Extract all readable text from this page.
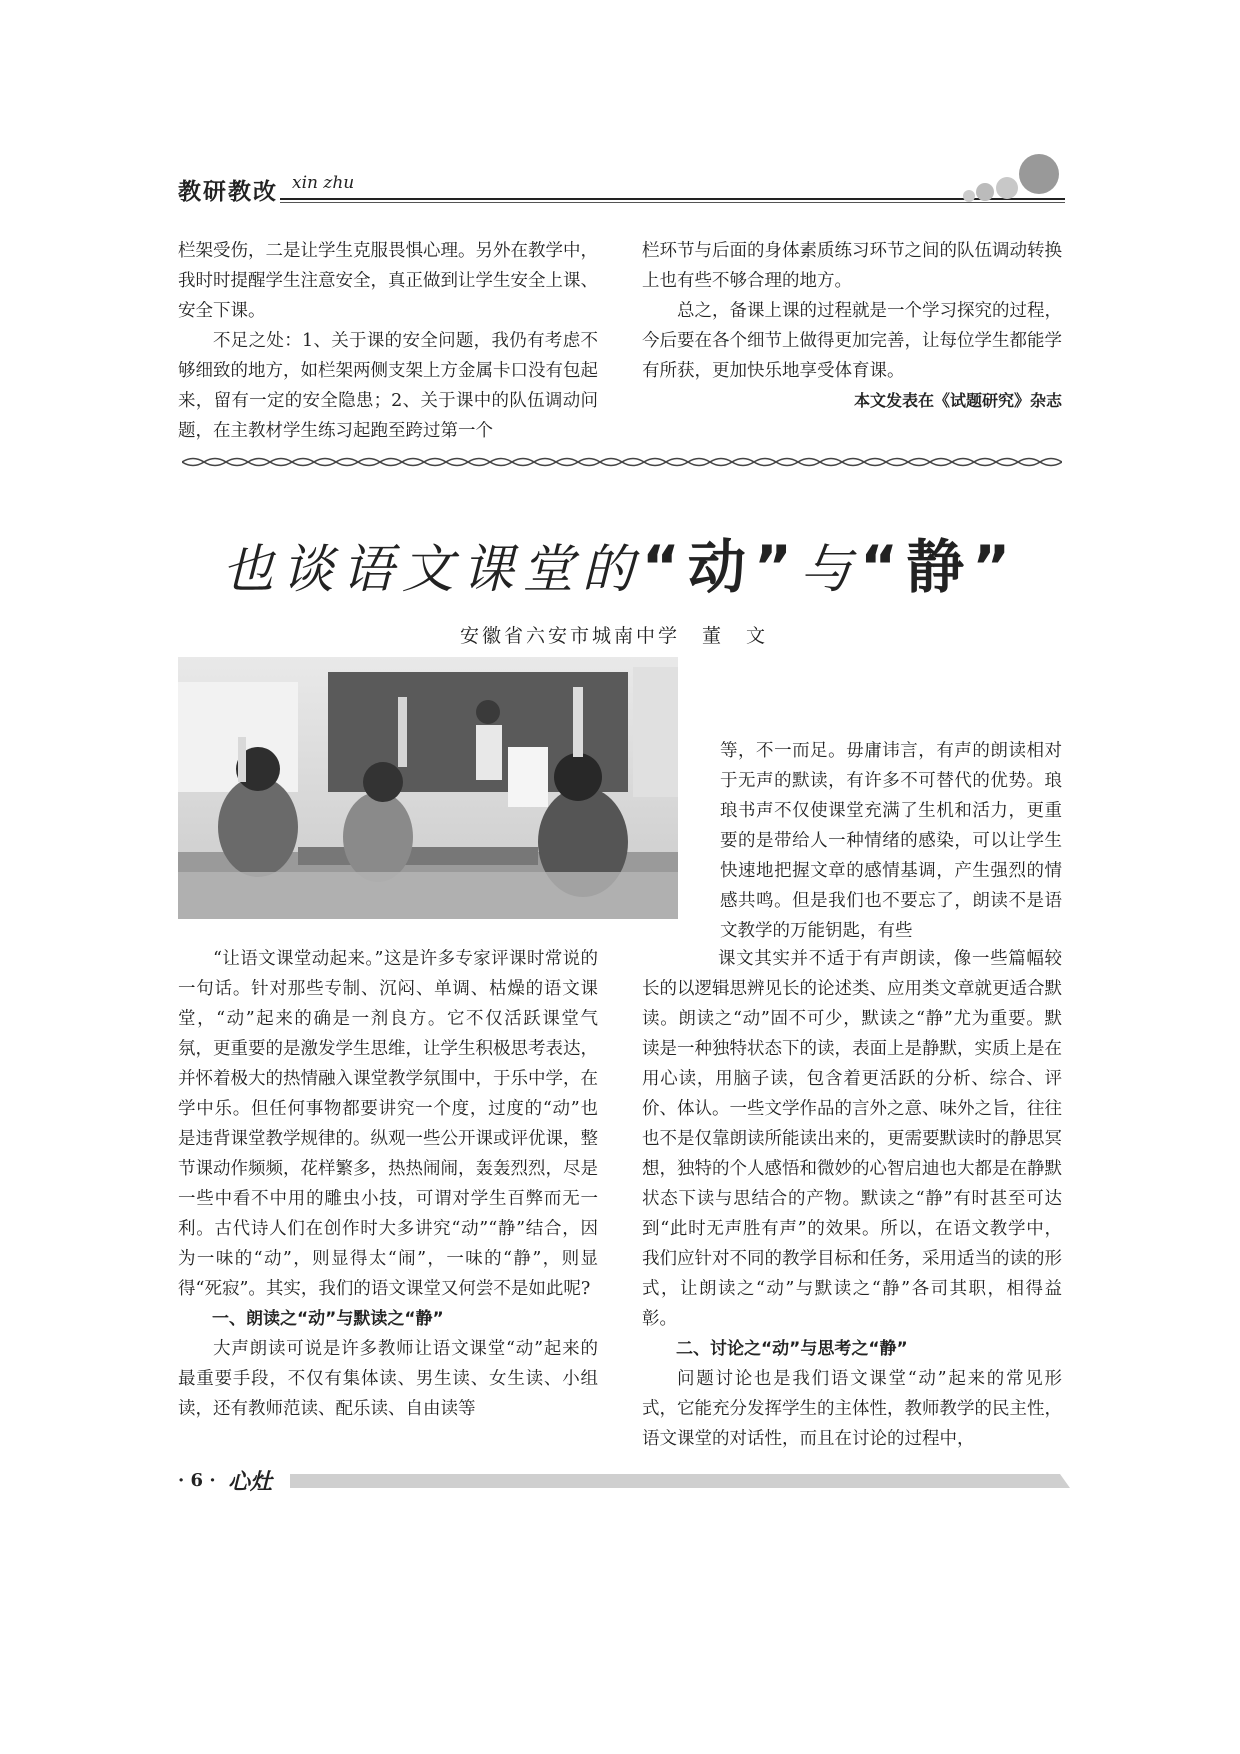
教研教改 xin zhu

栏架受伤，二是让学生克服畏惧心理。另外在教学中，我时时提醒学生注意安全，真正做到让学生安全上课、安全下课。

不足之处：1、关于课的安全问题，我仍有考虑不够细致的地方，如栏架两侧支架上方金属卡口没有包起来，留有一定的安全隐患；2、关于课中的队伍调动问题，在主教材学生练习起跑至跨过第一个

栏环节与后面的身体素质练习环节之间的队伍调动转换上也有些不够合理的地方。

总之，备课上课的过程就是一个学习探究的过程，今后要在各个细节上做得更加完善，让每位学生都能学有所获，更加快乐地享受体育课。

本文发表在《试题研究》杂志

也谈语文课堂的“动”与“静”
安徽省六安市城南中学　董　文

等，不一而足。毋庸讳言，有声的朗读相对于无声的默读，有许多不可替代的优势。琅琅书声不仅使课堂充满了生机和活力，更重要的是带给人一种情绪的感染，可以让学生快速地把握文章的感情基调，产生强烈的情感共鸣。但是我们也不要忘了，朗读不是语文教学的万能钥匙，有些

“让语文课堂动起来。”这是许多专家评课时常说的一句话。针对那些专制、沉闷、单调、枯燥的语文课堂，“动”起来的确是一剂良方。它不仅活跃课堂气氛，更重要的是激发学生思维，让学生积极思考表达，并怀着极大的热情融入课堂教学氛围中，于乐中学，在学中乐。但任何事物都要讲究一个度，过度的“动”也是违背课堂教学规律的。纵观一些公开课或评优课，整节课动作频频，花样繁多，热热闹闹，轰轰烈烈，尽是一些中看不中用的雕虫小技，可谓对学生百弊而无一利。古代诗人们在创作时大多讲究“动”“静”结合，因为一味的“动”，则显得太“闹”，一味的“静”，则显得“死寂”。其实，我们的语文课堂又何尝不是如此呢?

一、朗读之“动”与默读之“静”

大声朗读可说是许多教师让语文课堂“动”起来的最重要手段，不仅有集体读、男生读、女生读、小组读，还有教师范读、配乐读、自由读等

课文其实并不适于有声朗读，像一些篇幅较长的以逻辑思辨见长的论述类、应用类文章就更适合默读。朗读之“动”固不可少，默读之“静”尤为重要。默读是一种独特状态下的读，表面上是静默，实质上是在用心读，用脑子读，包含着更活跃的分析、综合、评价、体认。一些文学作品的言外之意、味外之旨，往往也不是仅靠朗读所能读出来的，更需要默读时的静思冥想，独特的个人感悟和微妙的心智启迪也大都是在静默状态下读与思结合的产物。默读之“静”有时甚至可达到“此时无声胜有声”的效果。所以，在语文教学中，我们应针对不同的教学目标和任务，采用适当的读的形式，让朗读之“动”与默读之“静”各司其职，相得益彰。

二、讨论之“动”与思考之“静”

问题讨论也是我们语文课堂“动”起来的常见形式，它能充分发挥学生的主体性，教师教学的民主性，语文课堂的对话性，而且在讨论的过程中，

· 6 · 心灶
